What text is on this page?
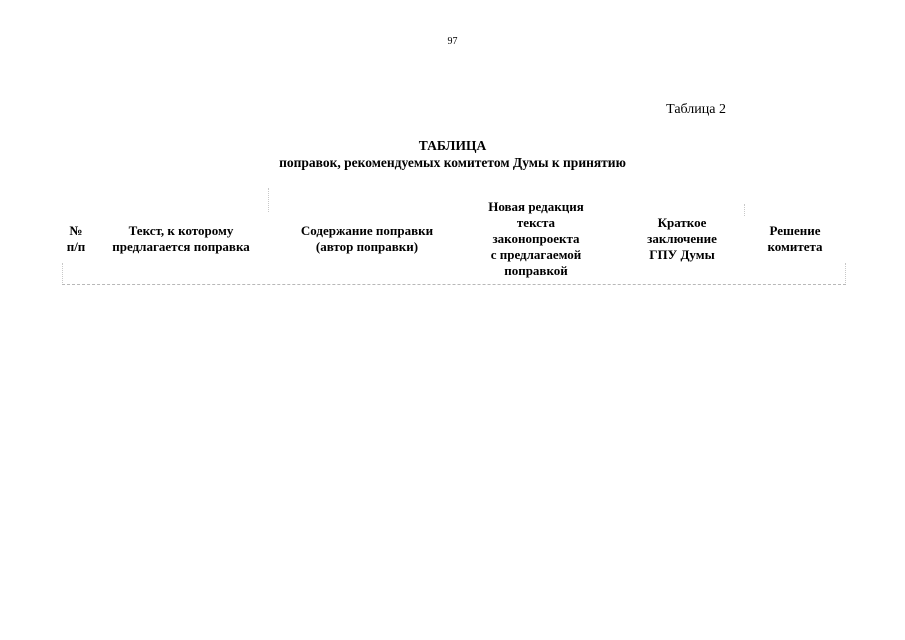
97
Таблица 2
ТАБЛИЦА
поправок, рекомендуемых комитетом Думы к принятию
№
п/п
Текст, к которому
предлагается поправка
Содержание поправки
(автор поправки)
Новая редакция
текста
законопроекта
с предлагаемой
поправкой
Краткое
заключение
ГПУ Думы
Решение
комитета
